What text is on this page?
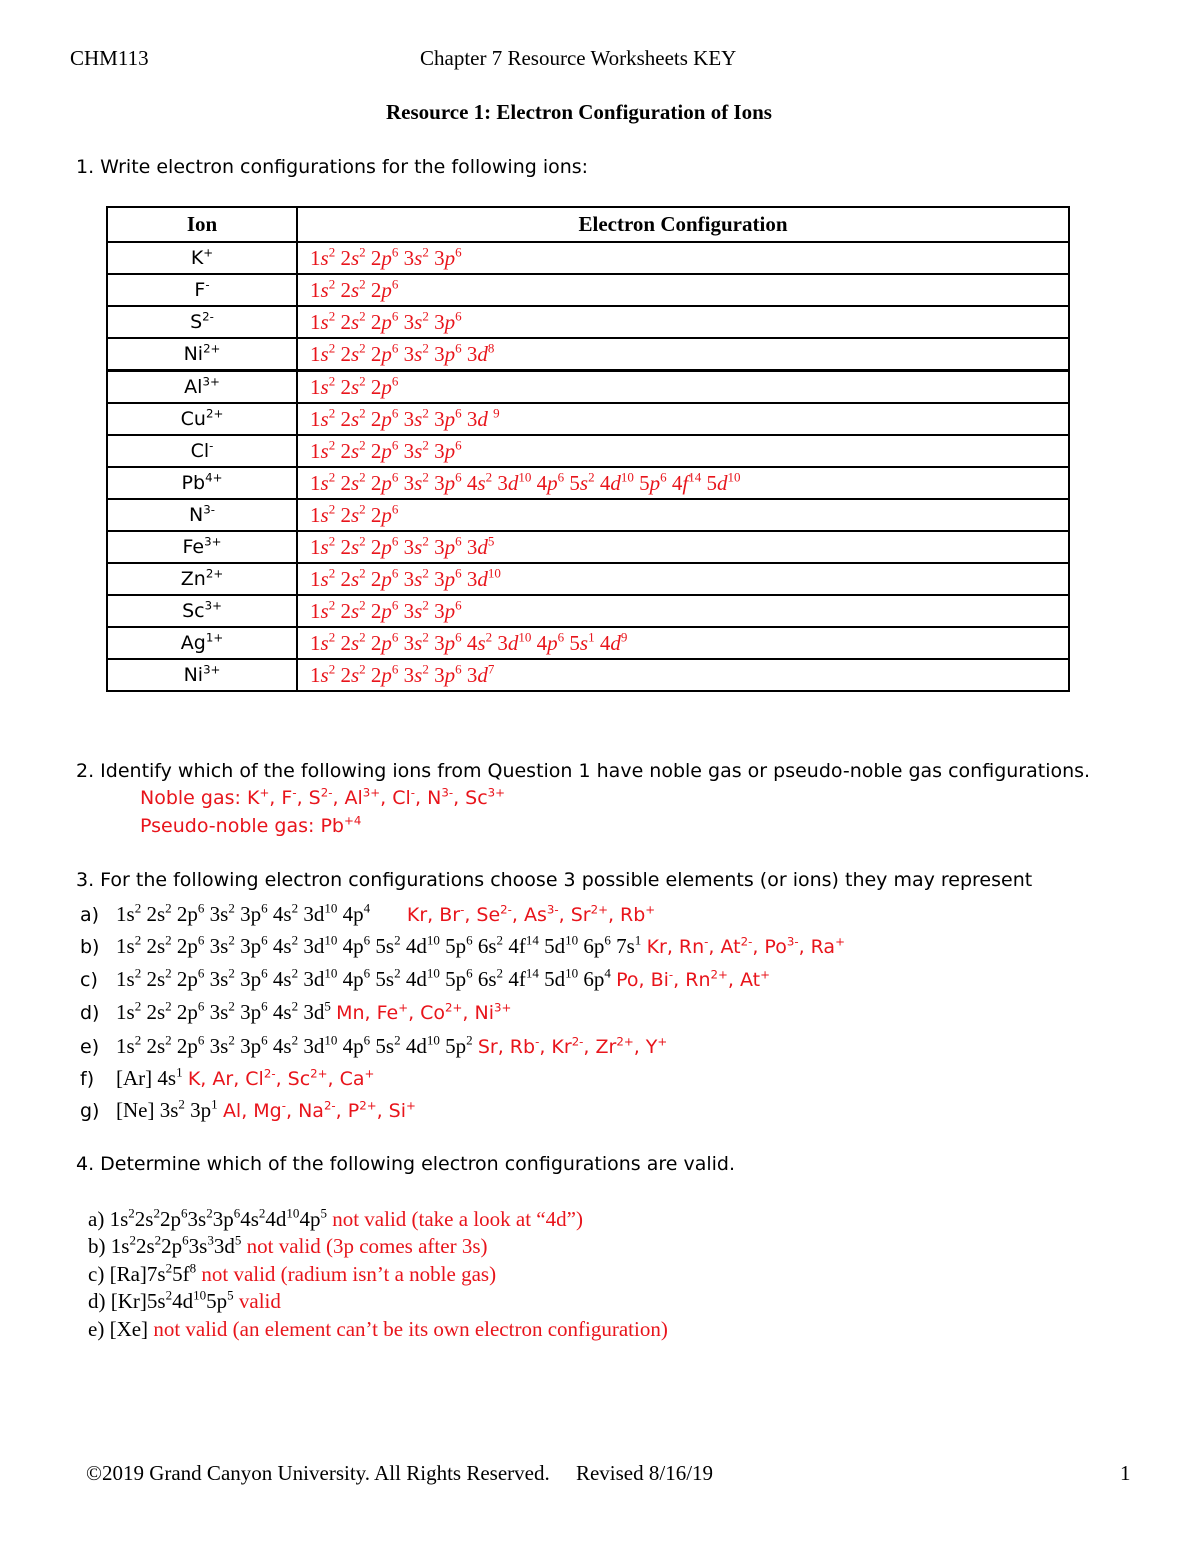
CHM113	Chapter 7 Resource Worksheets KEY
Resource 1: Electron Configuration of Ions
1. Write electron configurations for the following ions:
Ion	Electron Configuration
K+	$1s^2$ $2s^2$ $2p^6$ $3s^2$ $3p^6$
F-	$1s^2$ $2s^2$ $2p^6$
$S^{2-}$	$1s^2$ $2s^2$ $2p^6$ $3s^2$ $3p^6$
$Ni^{2+}$	$1s^2$ $2s^2$ $2p^6$ $3s^2$ $3p^6$ $3d^8$
$Al^{3+}$	$1s^2$ $2s^2$ $2p^6$
$Cu^{2+}$	$1s^2$ $2s^2$ $2p^6$ $3s^2$ $3p^6$ 3d $^9$
Cl-	$1s^2$ $2s^2$ $2p^6$ $3s^2$ $3p^6$
$Pb^{4+}$	$1s^2$ $2s^2$ $2p^6$ $3s^2$ $3p^6$ $4s^2$ $3d^{10}$ $4p^6$ $5s^2$ $4d^{10}$ $5p^6$ $4f^{14}$ $5d^{10}$
$N^{3-}$	$1s^2$ $2s^2$ $2p^6$
$Fe^{3+}$	$1s^2$ $2s^2$ $2p^6$ $3s^2$ $3p^6$ $3d^5$
$Zn^{2+}$	$1s^2$ $2s^2$ $2p^6$ $3s^2$ $3p^6$ $3d^{10}$
$Sc^{3+}$	$1s^2$ $2s^2$ $2p^6$ $3s^2$ $3p^6$
$Ag^{1+}$	$1s^2$ $2s^2$ $2p^6$ $3s^2$ $3p^6$ $4s^2$ $3d^{10}$ $4p^6$ $5s^1$ $4d^9$
$Ni^{3+}$	$1s^2$ $2s^2$ $2p^6$ $3s^2$ $3p^6$ $3d^7$
2. Identify which of the following ions from Question 1 have noble gas or pseudo-noble gas configurations.
Noble gas: K+, F-, $S^{2-}$, $Al^{3+}$, Cl-, $N^{3-}$, $Sc^{3+}$
Pseudo-noble gas: $Pb^{+4}$
3. For the following electron configurations choose 3 possible elements (or ions) they may represent
a) $1s^2$ $2s^2$ $2p^6$ $3s^2$ $3p^6$ $4s^2$ $3d^{10}$ $4p^4$ Kr, Br-, $Se^{2-}$, $As^{3-}$, $Sr^{2+}$, Rb+
b) $1s^2$ $2s^2$ $2p^6$ $3s^2$ $3p^6$ $4s^2$ $3d^{10}$ $4p^6$ $5s^2$ $4d^{10}$ $5p^6$ $6s^2$ $4f^{14}$ $5d^{10}$ $6p^6$ $7s^1$ Kr, Rn-, $At^{2-}$, $Po^{3-}$, Ra+
c) $1s^2$ $2s^2$ $2p^6$ $3s^2$ $3p^6$ $4s^2$ $3d^{10}$ $4p^6$ $5s^2$ $4d^{10}$ $5p^6$ $6s^2$ $4f^{14}$ $5d^{10}$ $6p^4$ Po, Bi-, $Rn^{2+}$, At+
d) $1s^2$ $2s^2$ $2p^6$ $3s^2$ $3p^6$ $4s^2$ $3d^5$ Mn, Fe+, $Co^{2+}$, $Ni^{3+}$
e) $1s^2$ $2s^2$ $2p^6$ $3s^2$ $3p^6$ $4s^2$ $3d^{10}$ $4p^6$ $5s^2$ $4d^{10}$ $5p^2$ Sr, Rb-, $Kr^{2-}$, $Zr^{2+}$, Y+
f) [Ar] $4s^1$ K, Ar, $Cl^{2-}$, $Sc^{2+}$, Ca+
g) [Ne] $3s^2$ $3p^1$ Al, Mg-, $Na^{2-}$, $P^{2+}$, Si+
4. Determine which of the following electron configurations are valid.
a) $1s^22s^22p^63s^23p^64s^24d^{10}4p^5$ not valid (take a look at “4d”)
b) $1s^22s^22p^63s^33d^5$ not valid (3p comes after 3s)
c) $[Ra]7s^25f^8$ not valid (radium isn’t a noble gas)
d) $[Kr]5s^24d^{10}5p^5$ valid
e) [Xe] not valid (an element can’t be its own electron configuration)
©2019 Grand Canyon University. All Rights Reserved. Revised 8/16/19	1
